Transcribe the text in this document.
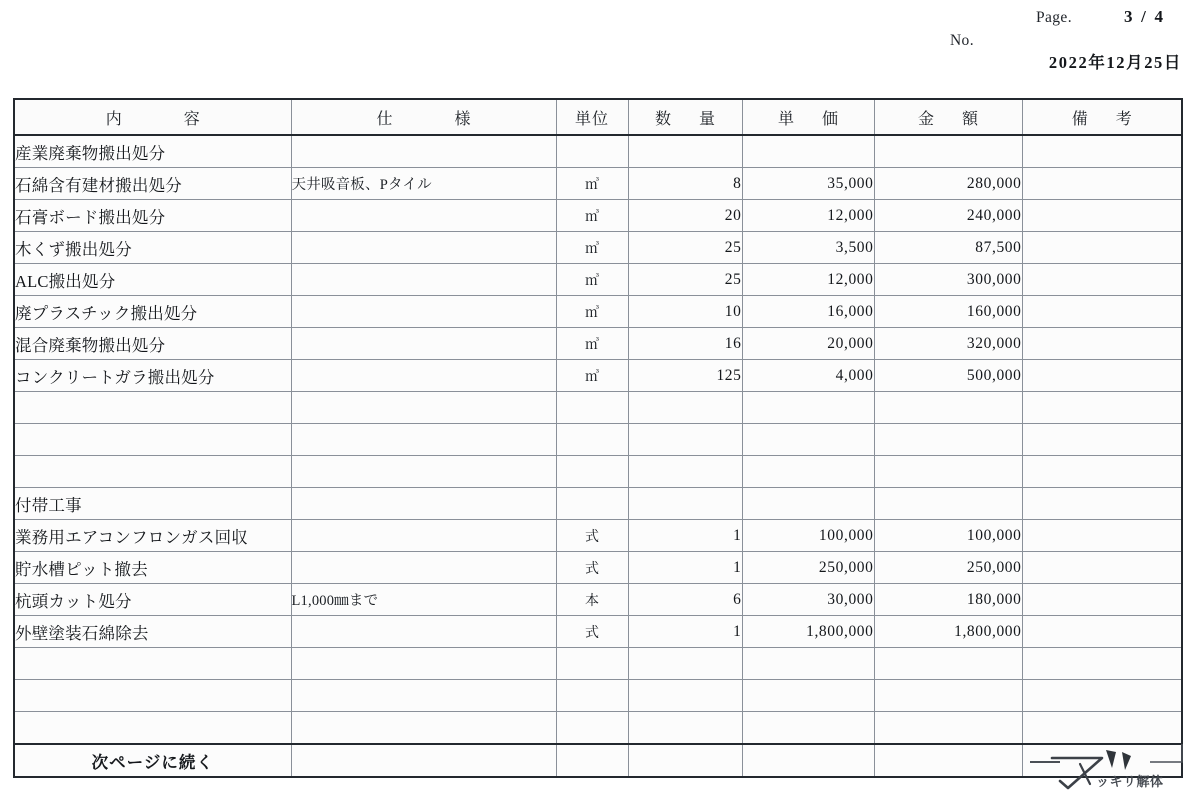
Page.	3 / 4
No.
2022年12月25日
内　　容	仕　　様	単位	数　量	単　価	金　額	備　考
産業廃棄物搬出処分						
石綿含有建材搬出処分	天井吸音板、Pタイル	㎥	8	35,000	280,000	
石膏ボード搬出処分		㎥	20	12,000	240,000	
木くず搬出処分		㎥	25	3,500	87,500	
ALC搬出処分		㎥	25	12,000	300,000	
廃プラスチック搬出処分		㎥	10	16,000	160,000	
混合廃棄物搬出処分		㎥	16	20,000	320,000	
コンクリートガラ搬出処分		㎥	125	4,000	500,000	

付帯工事						
業務用エアコンフロンガス回収		式	1	100,000	100,000	
貯水槽ピット撤去		式	1	250,000	250,000	
杭頭カット処分	L1,000㎜まで	本	6	30,000	180,000	
外壁塗装石綿除去		式	1	1,800,000	1,800,000	

次ページに続く						
ッキリ解体
